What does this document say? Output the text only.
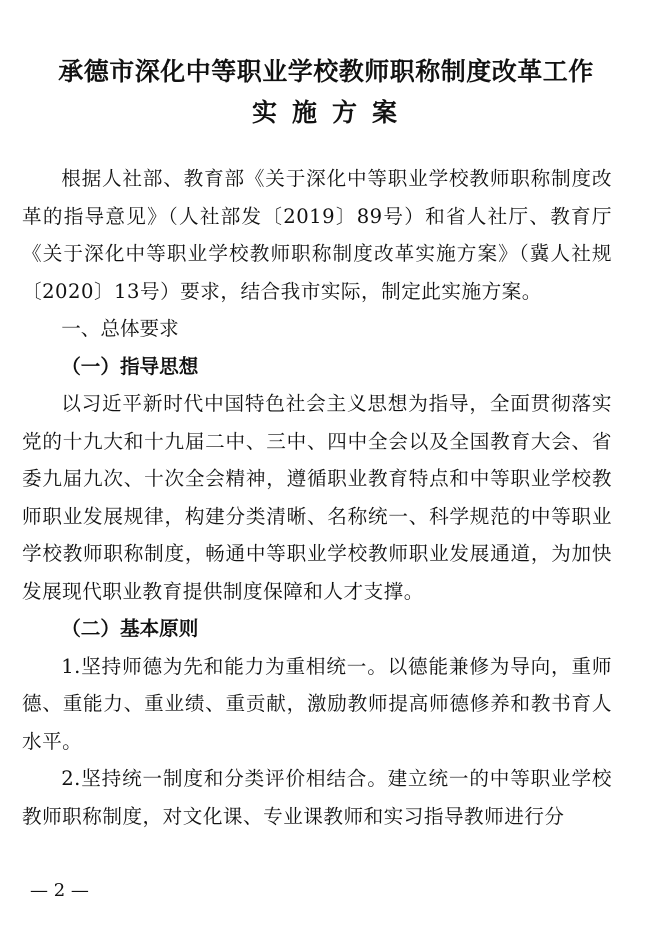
承德市深化中等职业学校教师职称制度改革工作
实施方案

根据人社部、教育部《关于深化中等职业学校教师职称制度改革的指导意见》（人社部发〔2019〕89号）和省人社厅、教育厅《关于深化中等职业学校教师职称制度改革实施方案》（冀人社规〔2020〕13号）要求，结合我市实际，制定此实施方案。

一、总体要求

（一）指导思想

以习近平新时代中国特色社会主义思想为指导，全面贯彻落实党的十九大和十九届二中、三中、四中全会以及全国教育大会、省委九届九次、十次全会精神，遵循职业教育特点和中等职业学校教师职业发展规律，构建分类清晰、名称统一、科学规范的中等职业学校教师职称制度，畅通中等职业学校教师职业发展通道，为加快发展现代职业教育提供制度保障和人才支撑。

（二）基本原则

1.坚持师德为先和能力为重相统一。以德能兼修为导向，重师德、重能力、重业绩、重贡献，激励教师提高师德修养和教书育人水平。

2.坚持统一制度和分类评价相结合。建立统一的中等职业学校教师职称制度，对文化课、专业课教师和实习指导教师进行分

— 2 —
